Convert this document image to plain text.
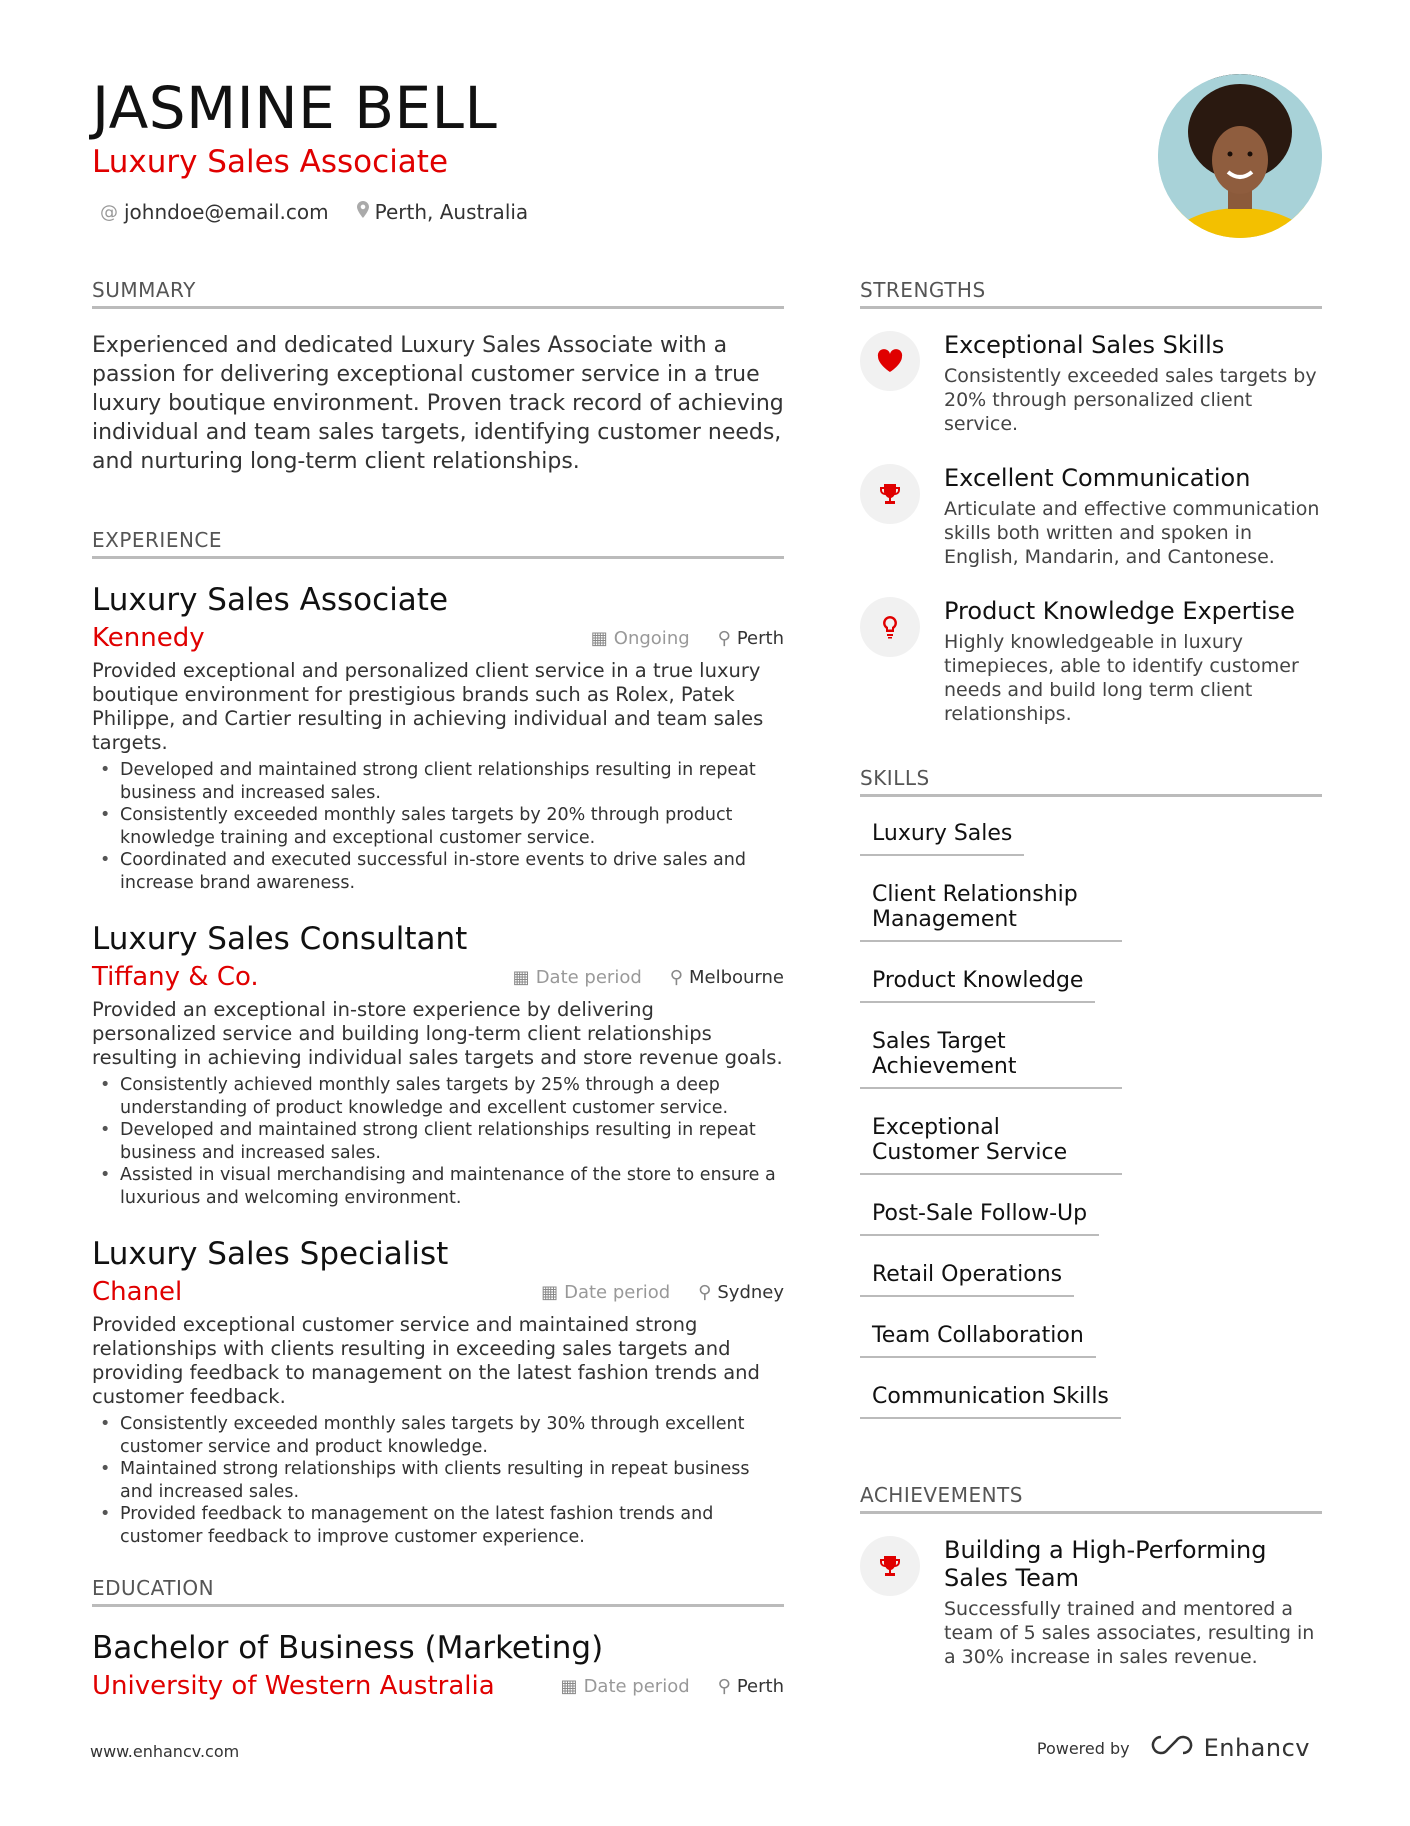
JASMINE BELL
Luxury Sales Associate
@ johndoe@email.com Perth, Australia
SUMMARY
Experienced and dedicated Luxury Sales Associate with a passion for delivering exceptional customer service in a true luxury boutique environment. Proven track record of achieving individual and team sales targets, identifying customer needs, and nurturing long-term client relationships.
EXPERIENCE
Luxury Sales Associate
Kennedy	▦ Ongoing ⚲ Perth
Provided exceptional and personalized client service in a true luxury boutique environment for prestigious brands such as Rolex, Patek Philippe, and Cartier resulting in achieving individual and team sales targets.
• Developed and maintained strong client relationships resulting in repeat business and increased sales.
• Consistently exceeded monthly sales targets by 20% through product knowledge training and exceptional customer service.
• Coordinated and executed successful in-store events to drive sales and increase brand awareness.
Luxury Sales Consultant
Tiffany & Co.	▦ Date period ⚲ Melbourne
Provided an exceptional in-store experience by delivering personalized service and building long-term client relationships resulting in achieving individual sales targets and store revenue goals.
• Consistently achieved monthly sales targets by 25% through a deep understanding of product knowledge and excellent customer service.
• Developed and maintained strong client relationships resulting in repeat business and increased sales.
• Assisted in visual merchandising and maintenance of the store to ensure a luxurious and welcoming environment.
Luxury Sales Specialist
Chanel	▦ Date period ⚲ Sydney
Provided exceptional customer service and maintained strong relationships with clients resulting in exceeding sales targets and providing feedback to management on the latest fashion trends and customer feedback.
• Consistently exceeded monthly sales targets by 30% through excellent customer service and product knowledge.
• Maintained strong relationships with clients resulting in repeat business and increased sales.
• Provided feedback to management on the latest fashion trends and customer feedback to improve customer experience.
EDUCATION
Bachelor of Business (Marketing)
University of Western Australia	▦ Date period ⚲ Perth
STRENGTHS
Exceptional Sales Skills
Consistently exceeded sales targets by 20% through personalized client service.
Excellent Communication
Articulate and effective communication skills both written and spoken in English, Mandarin, and Cantonese.
Product Knowledge Expertise
Highly knowledgeable in luxury timepieces, able to identify customer needs and build long term client relationships.
SKILLS
Luxury Sales
Client Relationship Management
Product Knowledge
Sales Target Achievement
Exceptional Customer Service
Post-Sale Follow-Up
Retail Operations
Team Collaboration
Communication Skills
ACHIEVEMENTS
Building a High-Performing Sales Team
Successfully trained and mentored a team of 5 sales associates, resulting in a 30% increase in sales revenue.
www.enhancv.com	Powered by	Enhancv
